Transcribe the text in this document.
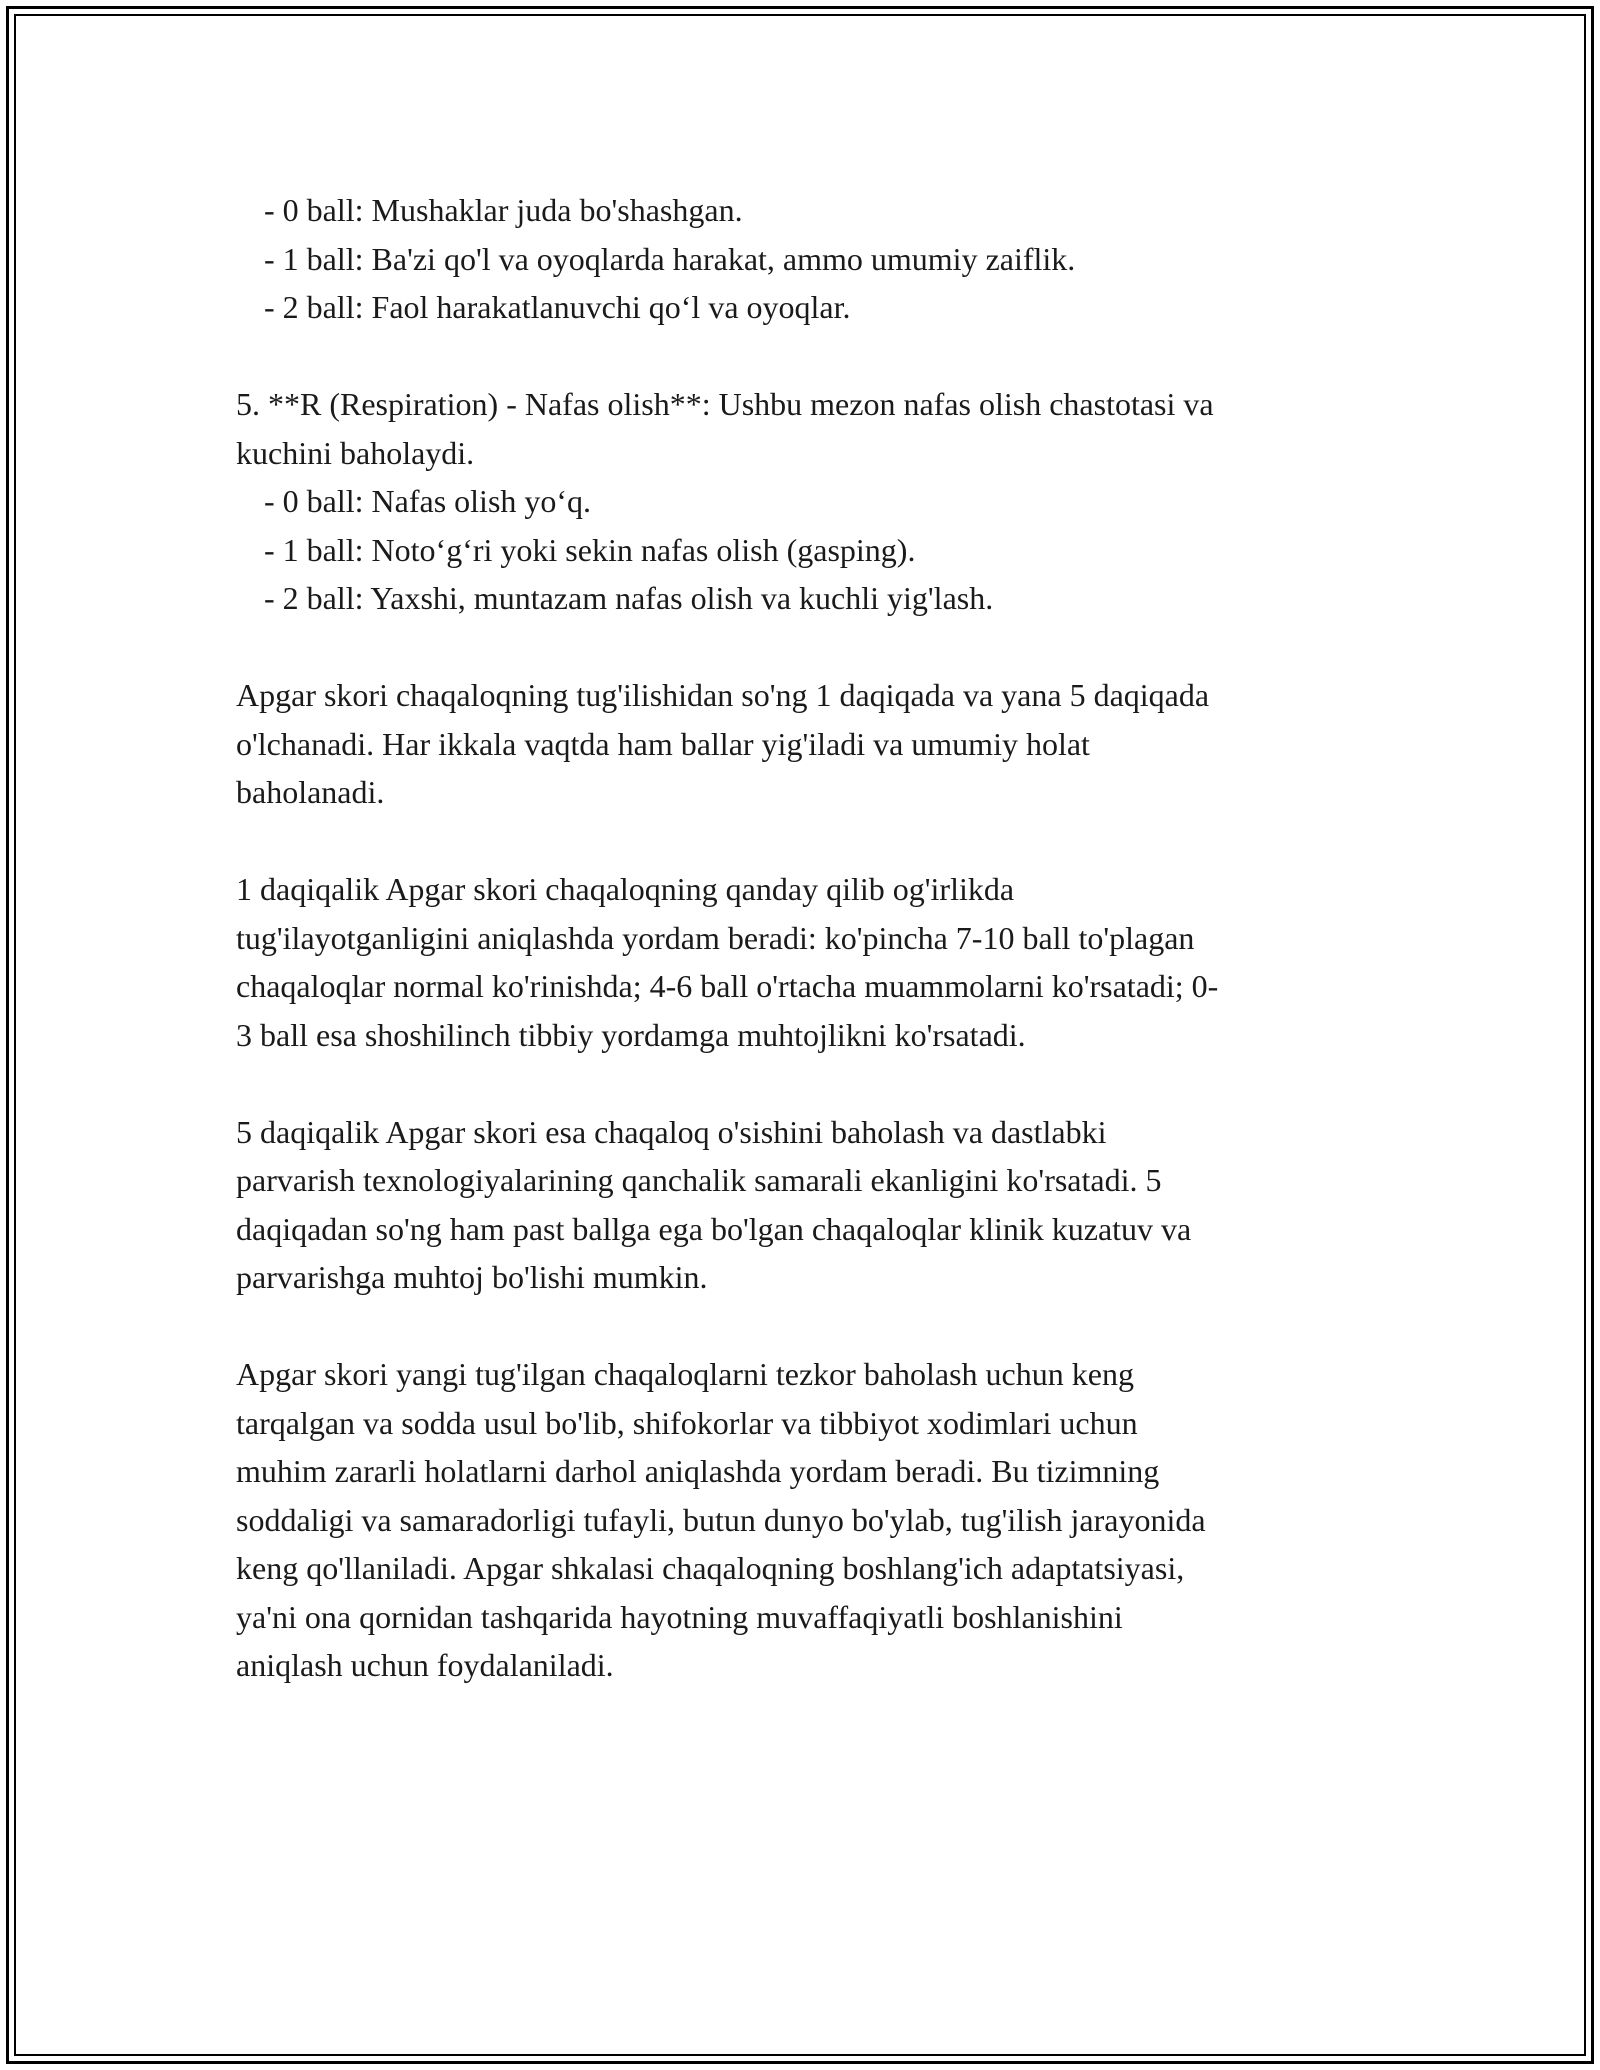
- 0 ball: Mushaklar juda bo'shashgan.
- 1 ball: Ba'zi qo'l va oyoqlarda harakat, ammo umumiy zaiflik.
- 2 ball: Faol harakatlanuvchi qo‘l va oyoqlar.
5. **R (Respiration) - Nafas olish**: Ushbu mezon nafas olish chastotasi va
kuchini baholaydi.
- 0 ball: Nafas olish yo‘q.
- 1 ball: Noto‘g‘ri yoki sekin nafas olish (gasping).
- 2 ball: Yaxshi, muntazam nafas olish va kuchli yig'lash.
Apgar skori chaqaloqning tug'ilishidan so'ng 1 daqiqada va yana 5 daqiqada
o'lchanadi. Har ikkala vaqtda ham ballar yig'iladi va umumiy holat
baholanadi.
1 daqiqalik Apgar skori chaqaloqning qanday qilib og'irlikda
tug'ilayotganligini aniqlashda yordam beradi: ko'pincha 7-10 ball to'plagan
chaqaloqlar normal ko'rinishda; 4-6 ball o'rtacha muammolarni ko'rsatadi; 0-
3 ball esa shoshilinch tibbiy yordamga muhtojlikni ko'rsatadi.
5 daqiqalik Apgar skori esa chaqaloq o'sishini baholash va dastlabki
parvarish texnologiyalarining qanchalik samarali ekanligini ko'rsatadi. 5
daqiqadan so'ng ham past ballga ega bo'lgan chaqaloqlar klinik kuzatuv va
parvarishga muhtoj bo'lishi mumkin.
Apgar skori yangi tug'ilgan chaqaloqlarni tezkor baholash uchun keng
tarqalgan va sodda usul bo'lib, shifokorlar va tibbiyot xodimlari uchun
muhim zararli holatlarni darhol aniqlashda yordam beradi. Bu tizimning
soddaligi va samaradorligi tufayli, butun dunyo bo'ylab, tug'ilish jarayonida
keng qo'llaniladi. Apgar shkalasi chaqaloqning boshlang'ich adaptatsiyasi,
ya'ni ona qornidan tashqarida hayotning muvaffaqiyatli boshlanishini
aniqlash uchun foydalaniladi.
